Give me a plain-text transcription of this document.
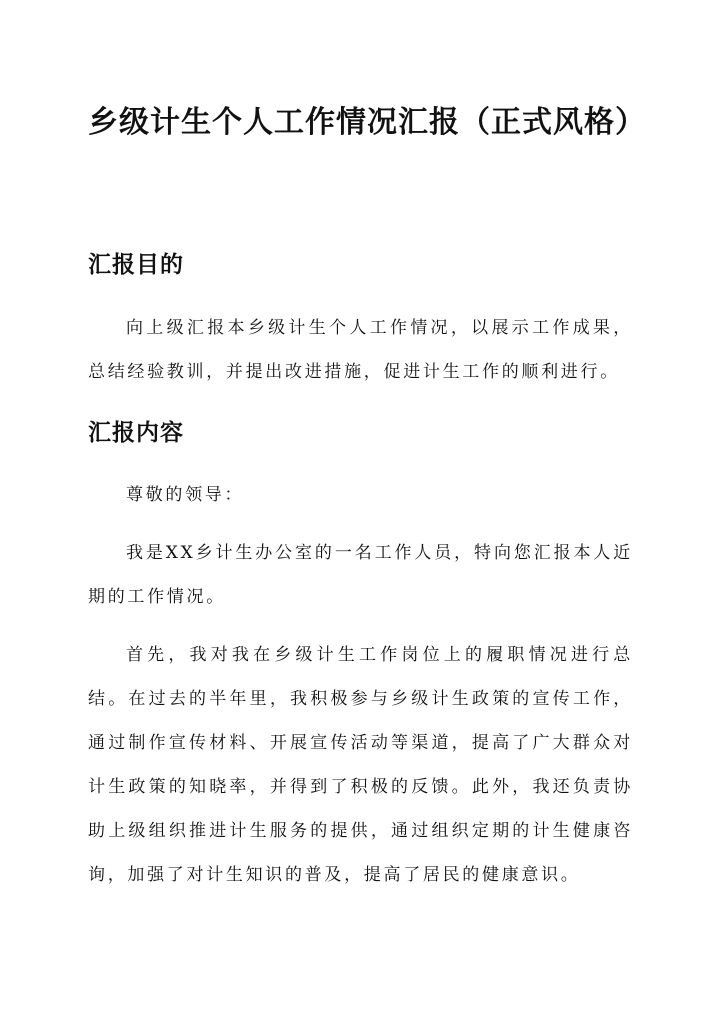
乡级计生个人工作情况汇报（正式风格）
汇报目的

向上级汇报本乡级计生个人工作情况，以展示工作成果，总结经验教训，并提出改进措施，促进计生工作的顺利进行。

汇报内容

尊敬的领导：

我是XX乡计生办公室的一名工作人员，特向您汇报本人近期的工作情况。

首先，我对我在乡级计生工作岗位上的履职情况进行总结。在过去的半年里，我积极参与乡级计生政策的宣传工作，通过制作宣传材料、开展宣传活动等渠道，提高了广大群众对计生政策的知晓率，并得到了积极的反馈。此外，我还负责协助上级组织推进计生服务的提供，通过组织定期的计生健康咨询，加强了对计生知识的普及，提高了居民的健康意识。
